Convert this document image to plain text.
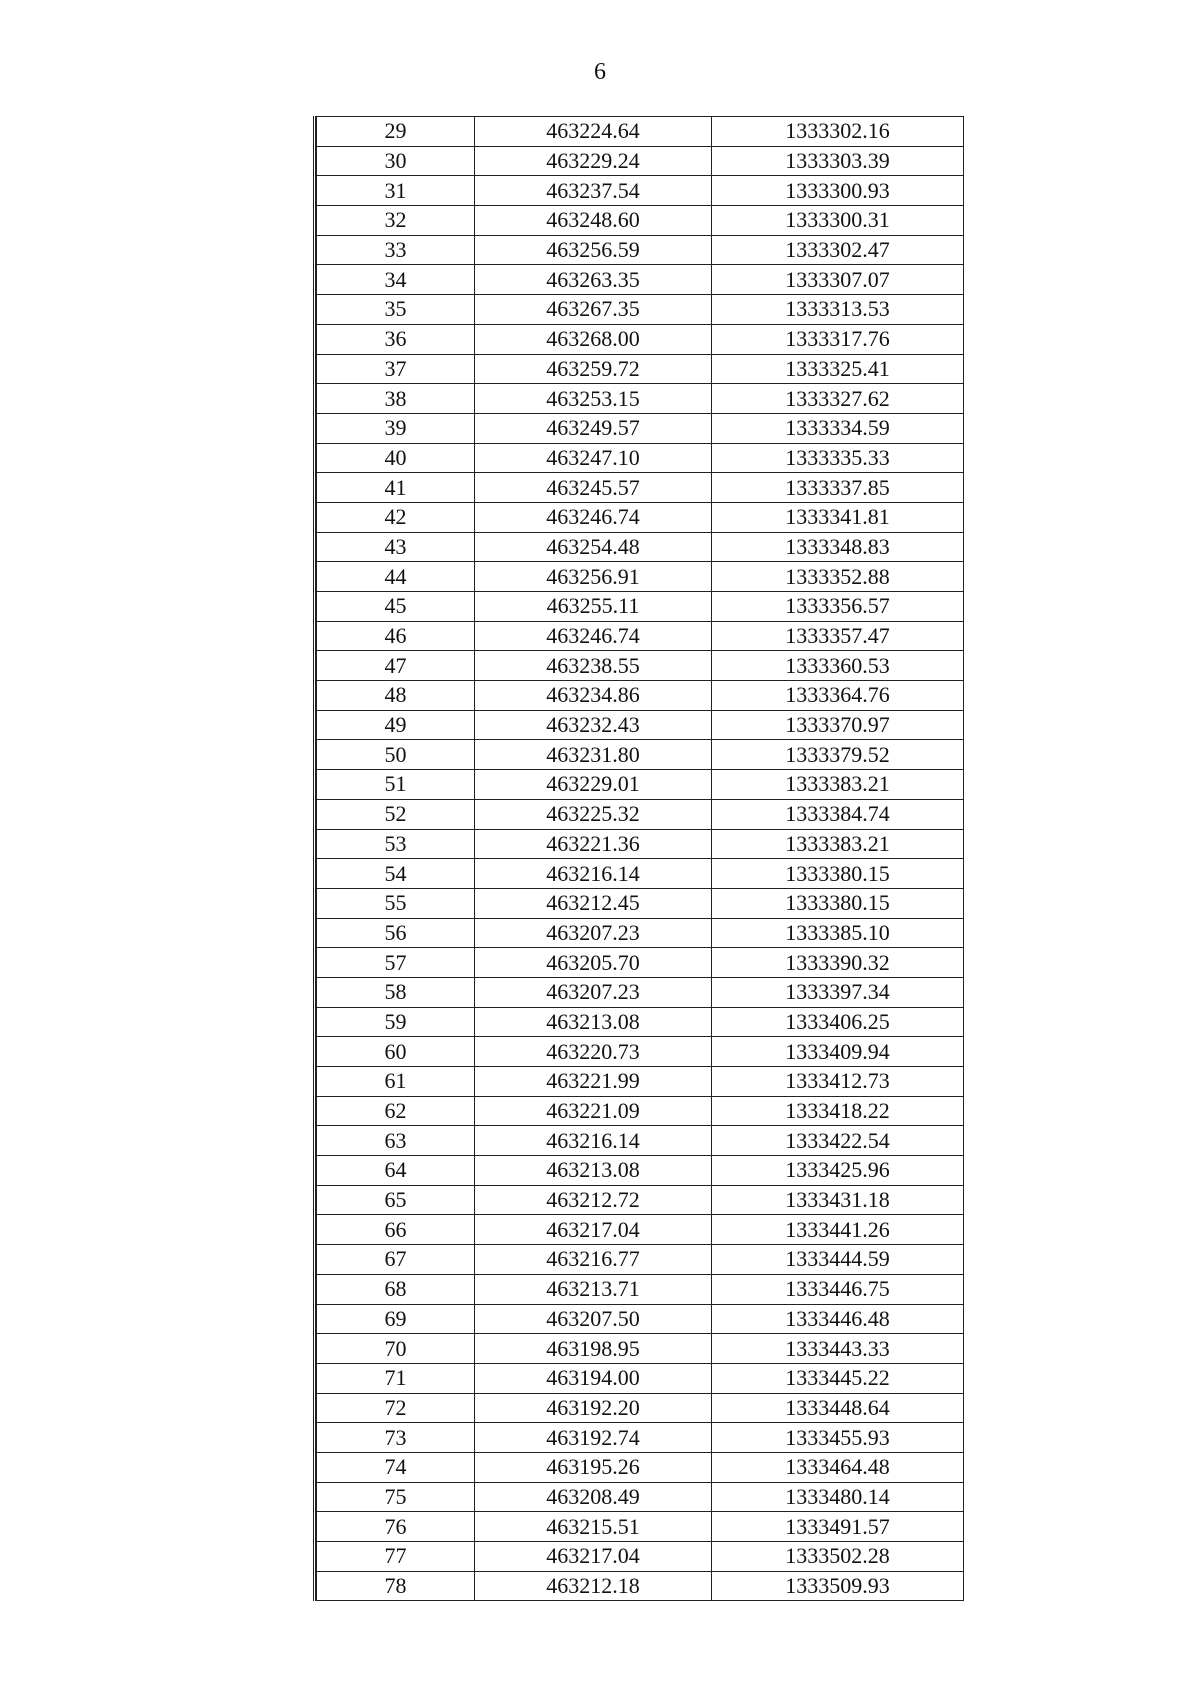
6
29	463224.64	1333302.16
30	463229.24	1333303.39
31	463237.54	1333300.93
32	463248.60	1333300.31
33	463256.59	1333302.47
34	463263.35	1333307.07
35	463267.35	1333313.53
36	463268.00	1333317.76
37	463259.72	1333325.41
38	463253.15	1333327.62
39	463249.57	1333334.59
40	463247.10	1333335.33
41	463245.57	1333337.85
42	463246.74	1333341.81
43	463254.48	1333348.83
44	463256.91	1333352.88
45	463255.11	1333356.57
46	463246.74	1333357.47
47	463238.55	1333360.53
48	463234.86	1333364.76
49	463232.43	1333370.97
50	463231.80	1333379.52
51	463229.01	1333383.21
52	463225.32	1333384.74
53	463221.36	1333383.21
54	463216.14	1333380.15
55	463212.45	1333380.15
56	463207.23	1333385.10
57	463205.70	1333390.32
58	463207.23	1333397.34
59	463213.08	1333406.25
60	463220.73	1333409.94
61	463221.99	1333412.73
62	463221.09	1333418.22
63	463216.14	1333422.54
64	463213.08	1333425.96
65	463212.72	1333431.18
66	463217.04	1333441.26
67	463216.77	1333444.59
68	463213.71	1333446.75
69	463207.50	1333446.48
70	463198.95	1333443.33
71	463194.00	1333445.22
72	463192.20	1333448.64
73	463192.74	1333455.93
74	463195.26	1333464.48
75	463208.49	1333480.14
76	463215.51	1333491.57
77	463217.04	1333502.28
78	463212.18	1333509.93
